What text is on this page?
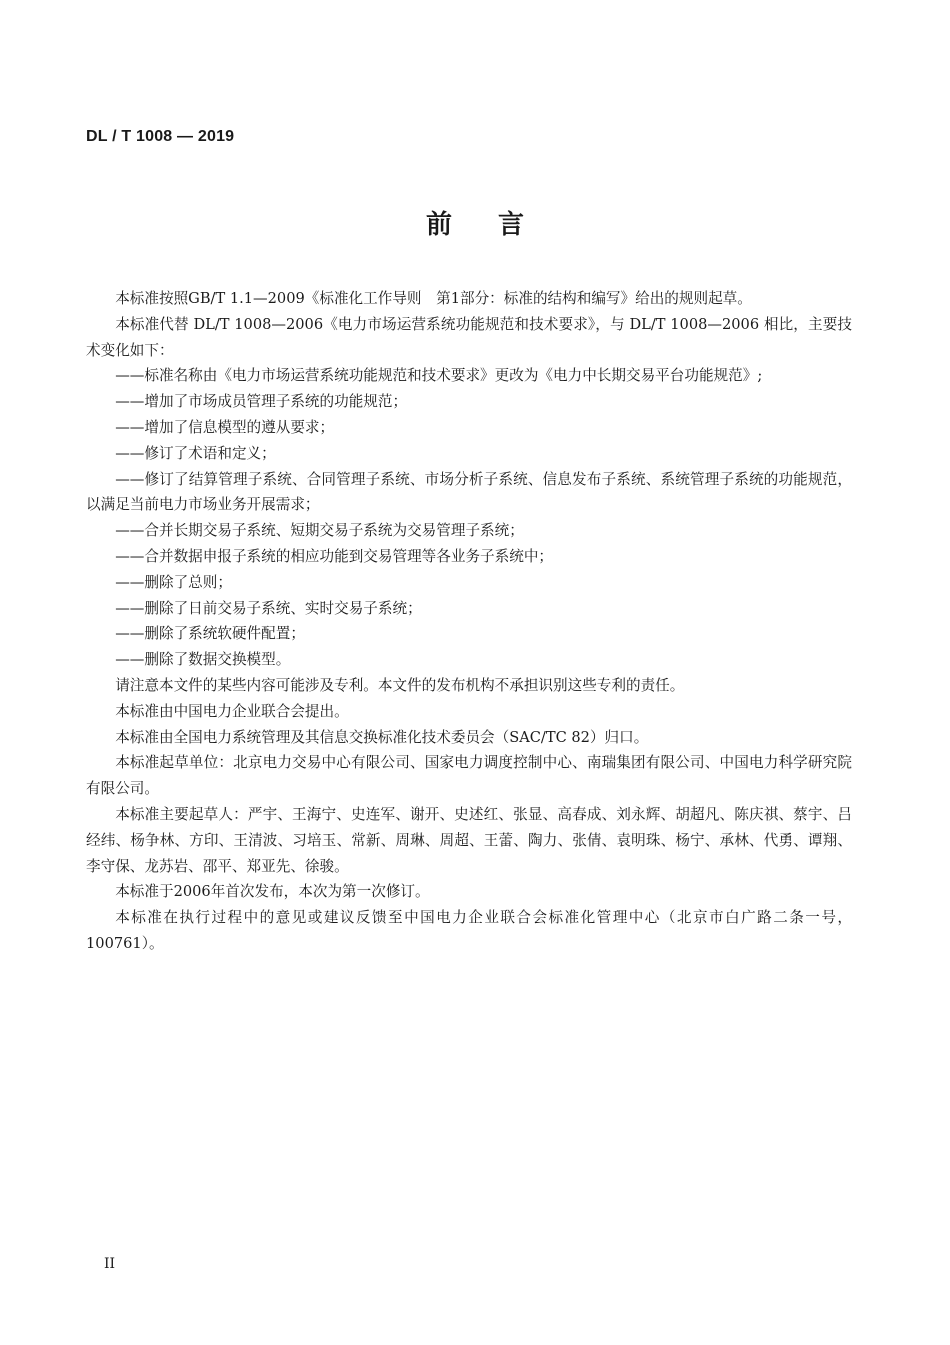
DL / T 1008 — 2019
前 言

本标准按照GB/T 1.1—2009《标准化工作导则　第1部分：标准的结构和编写》给出的规则起草。

本标准代替 DL/T 1008—2006《电力市场运营系统功能规范和技术要求》，与 DL/T 1008—2006 相比，主要技术变化如下：

——标准名称由《电力市场运营系统功能规范和技术要求》更改为《电力中长期交易平台功能规范》;

——增加了市场成员管理子系统的功能规范；

——增加了信息模型的遵从要求；

——修订了术语和定义；

——修订了结算管理子系统、合同管理子系统、市场分析子系统、信息发布子系统、系统管理子系统的功能规范，以满足当前电力市场业务开展需求；

——合并长期交易子系统、短期交易子系统为交易管理子系统；

——合并数据申报子系统的相应功能到交易管理等各业务子系统中；

——删除了总则；

——删除了日前交易子系统、实时交易子系统；

——删除了系统软硬件配置；

——删除了数据交换模型。

请注意本文件的某些内容可能涉及专利。本文件的发布机构不承担识别这些专利的责任。

本标准由中国电力企业联合会提出。

本标准由全国电力系统管理及其信息交换标准化技术委员会（SAC/TC 82）归口。

本标准起草单位：北京电力交易中心有限公司、国家电力调度控制中心、南瑞集团有限公司、中国电力科学研究院有限公司。

本标准主要起草人：严宇、王海宁、史连军、谢开、史述红、张显、高春成、刘永辉、胡超凡、陈庆祺、蔡宇、吕经纬、杨争林、方印、王清波、习培玉、常新、周琳、周超、王蕾、陶力、张倩、袁明珠、杨宁、承林、代勇、谭翔、李守保、龙苏岩、邵平、郑亚先、徐骏。

本标准于2006年首次发布，本次为第一次修订。

本标准在执行过程中的意见或建议反馈至中国电力企业联合会标准化管理中心（北京市白广路二条一号，100761）。

II
